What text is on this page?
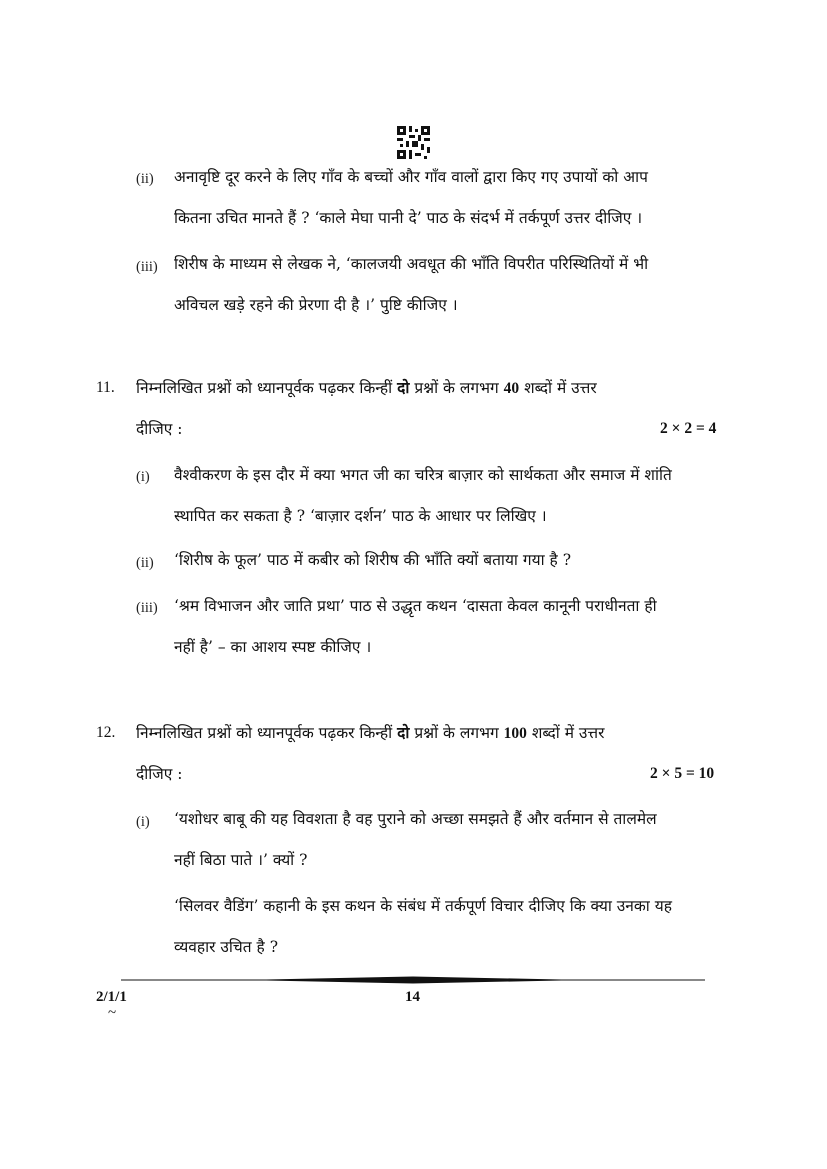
(ii) अनावृष्टि दूर करने के लिए गाँव के बच्चों और गाँव वालों द्वारा किए गए उपायों को आप
कितना उचित मानते हैं ? ‘काले मेघा पानी दे’ पाठ के संदर्भ में तर्कपूर्ण उत्तर दीजिए ।
(iii) शिरीष के माध्यम से लेखक ने, ‘कालजयी अवधूत की भाँति विपरीत परिस्थितियों में भी
अविचल खड़े रहने की प्रेरणा दी है ।’ पुष्टि कीजिए ।
11. निम्नलिखित प्रश्नों को ध्यानपूर्वक पढ़कर किन्हीं दो प्रश्नों के लगभग 40 शब्दों में उत्तर
दीजिए :	2 × 2 = 4
(i) वैश्वीकरण के इस दौर में क्या भगत जी का चरित्र बाज़ार को सार्थकता और समाज में शांति
स्थापित कर सकता है ? ‘बाज़ार दर्शन’ पाठ के आधार पर लिखिए ।
(ii) ‘शिरीष के फूल’ पाठ में कबीर को शिरीष की भाँति क्यों बताया गया है ?
(iii) ‘श्रम विभाजन और जाति प्रथा’ पाठ से उद्धृत कथन ‘दासता केवल कानूनी पराधीनता ही
नहीं है’ – का आशय स्पष्ट कीजिए ।
12. निम्नलिखित प्रश्नों को ध्यानपूर्वक पढ़कर किन्हीं दो प्रश्नों के लगभग 100 शब्दों में उत्तर
दीजिए :	2 × 5 = 10
(i) ‘यशोधर बाबू की यह विवशता है वह पुराने को अच्छा समझते हैं और वर्तमान से तालमेल
नहीं बिठा पाते ।’ क्यों ?
‘सिलवर वैडिंग’ कहानी के इस कथन के संबंध में तर्कपूर्ण विचार दीजिए कि क्या उनका यह
व्यवहार उचित है ?
2/1/1	14
~
